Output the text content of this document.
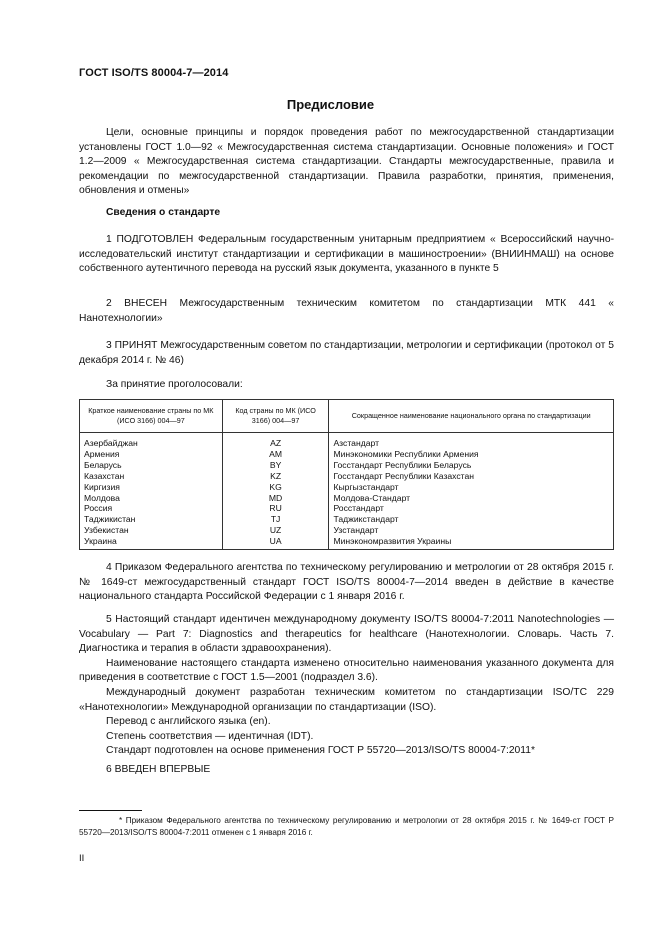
ГОСТ ISO/TS 80004-7—2014
Предисловие

Цели, основные принципы и порядок проведения работ по межгосударственной стандартизации установлены ГОСТ 1.0—92 « Межгосударственная система стандартизации. Основные положения» и ГОСТ 1.2—2009 « Межгосударственная система стандартизации. Стандарты межгосударственные, правила и рекомендации по межгосударственной стандартизации. Правила разработки, принятия, применения, обновления и отмены»

Сведения о стандарте

1 ПОДГОТОВЛЕН Федеральным государственным унитарным предприятием « Всероссийский научно-исследовательский институт стандартизации и сертификации в машиностроении» (ВНИИНМАШ) на основе собственного аутентичного перевода на русский язык документа, указанного в пункте 5

2 ВНЕСЕН Межгосударственным техническим комитетом по стандартизации МТК 441 « Нанотехнологии»

3 ПРИНЯТ Межгосударственным советом по стандартизации, метрологии и сертификации (протокол от 5 декабря 2014 г. № 46)

За принятие проголосовали:
Краткое наименование страны по МК (ИСО 3166) 004—97	Код страны по МК (ИСО 3166) 004—97	Сокращенное наименование национального органа по стандартизации
Азербайджан	AZ	Азстандарт
Армения	AM	Минэкономики Республики Армения
Беларусь	BY	Госстандарт Республики Беларусь
Казахстан	KZ	Госстандарт Республики Казахстан
Киргизия	KG	Кыргызстандарт
Молдова	MD	Молдова-Стандарт
Россия	RU	Росстандарт
Таджикистан	TJ	Таджикстандарт
Узбекистан	UZ	Узстандарт
Украина	UA	Минэкономразвития Украины

4 Приказом Федерального агентства по техническому регулированию и метрологии от 28 октября 2015 г. № 1649-ст межгосударственный стандарт ГОСТ ISO/TS 80004-7—2014 введен в действие в качестве национального стандарта Российской Федерации с 1 января 2016 г.

5 Настоящий стандарт идентичен международному документу ISO/TS 80004-7:2011 Nanotechnologies — Vocabulary — Part 7: Diagnostics and therapeutics for healthcare (Нанотехнологии. Словарь. Часть 7. Диагностика и терапия в области здравоохранения).

Наименование настоящего стандарта изменено относительно наименования указанного документа для приведения в соответствие с ГОСТ 1.5—2001 (подраздел 3.6).

Международный документ разработан техническим комитетом по стандартизации ISO/TC 229 «Нанотехнологии» Международной организации по стандартизации (ISO).

Перевод с английского языка (en).

Степень соответствия — идентичная (IDT).

Стандарт подготовлен на основе применения ГОСТ Р 55720—2013/ISO/TS 80004-7:2011*

6 ВВЕДЕН ВПЕРВЫЕ

* Приказом Федерального агентства по техническому регулированию и метрологии от 28 октября 2015 г. № 1649-ст ГОСТ Р 55720—2013/ISO/TS 80004-7:2011 отменен с 1 января 2016 г.

II
